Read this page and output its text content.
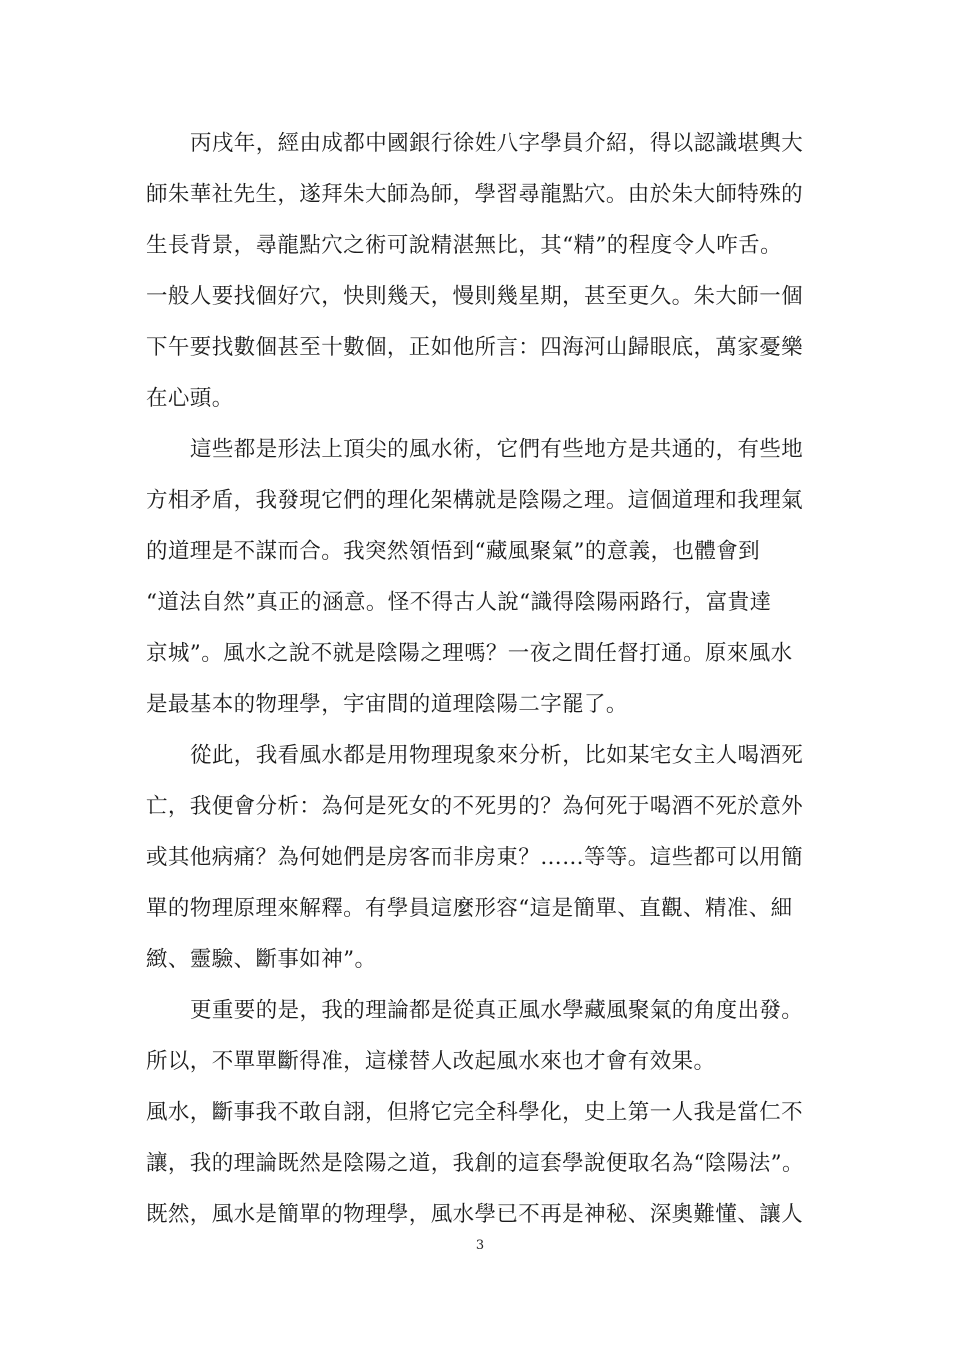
丙戌年，經由成都中國銀行徐姓八字學員介紹，得以認識堪輿大
師朱華社先生，遂拜朱大師為師，學習尋龍點穴。由於朱大師特殊的
生長背景，尋龍點穴之術可說精湛無比，其“精”的程度令人咋舌。
一般人要找個好穴，快則幾天，慢則幾星期，甚至更久。朱大師一個
下午要找數個甚至十數個，正如他所言：四海河山歸眼底，萬家憂樂
在心頭。
這些都是形法上頂尖的風水術，它們有些地方是共通的，有些地
方相矛盾，我發現它們的理化架構就是陰陽之理。這個道理和我理氣
的道理是不謀而合。我突然領悟到“藏風聚氣”的意義，也體會到
“道法自然”真正的涵意。怪不得古人說“識得陰陽兩路行，富貴達
京城”。風水之說不就是陰陽之理嗎？一夜之間任督打通。原來風水
是最基本的物理學，宇宙間的道理陰陽二字罷了。
從此，我看風水都是用物理現象來分析，比如某宅女主人喝酒死
亡，我便會分析：為何是死女的不死男的？為何死于喝酒不死於意外
或其他病痛？為何她們是房客而非房東？……等等。這些都可以用簡
單的物理原理來解釋。有學員這麼形容“這是簡單、直觀、精准、細
緻、靈驗、斷事如神”。
更重要的是，我的理論都是從真正風水學藏風聚氣的角度出發。
所以，不單單斷得准，這樣替人改起風水來也才會有效果。
風水，斷事我不敢自詡，但將它完全科學化，史上第一人我是當仁不
讓，我的理論既然是陰陽之道，我創的這套學說便取名為“陰陽法”。
既然，風水是簡單的物理學，風水學已不再是神秘、深奧難懂、讓人
3
